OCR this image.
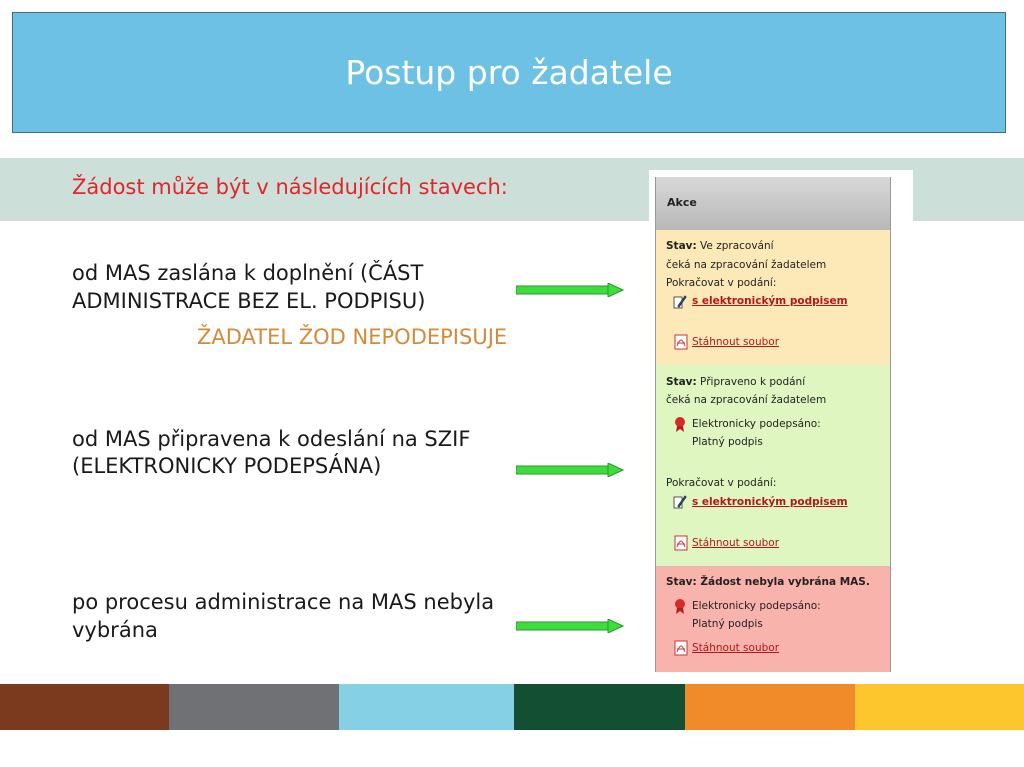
Postup pro žadatele
Žádost může být v následujících stavech:
od MAS zaslána k doplnění (ČÁST
ADMINISTRACE BEZ EL. PODPISU)
ŽADATEL ŽOD NEPODEPISUJE
od MAS připravena k odeslání na SZIF
(ELEKTRONICKY PODEPSÁNA)
po procesu administrace na MAS nebyla
vybrána
Akce
Stav: Ve zpracování
čeká na zpracování žadatelem
Pokračovat v podání:
s elektronickým podpisem
Stáhnout soubor
Stav: Připraveno k podání
čeká na zpracování žadatelem
Elektronicky podepsáno:
Platný podpis
Pokračovat v podání:
s elektronickým podpisem
Stáhnout soubor
Stav: Žádost nebyla vybrána MAS.
Elektronicky podepsáno:
Platný podpis
Stáhnout soubor
